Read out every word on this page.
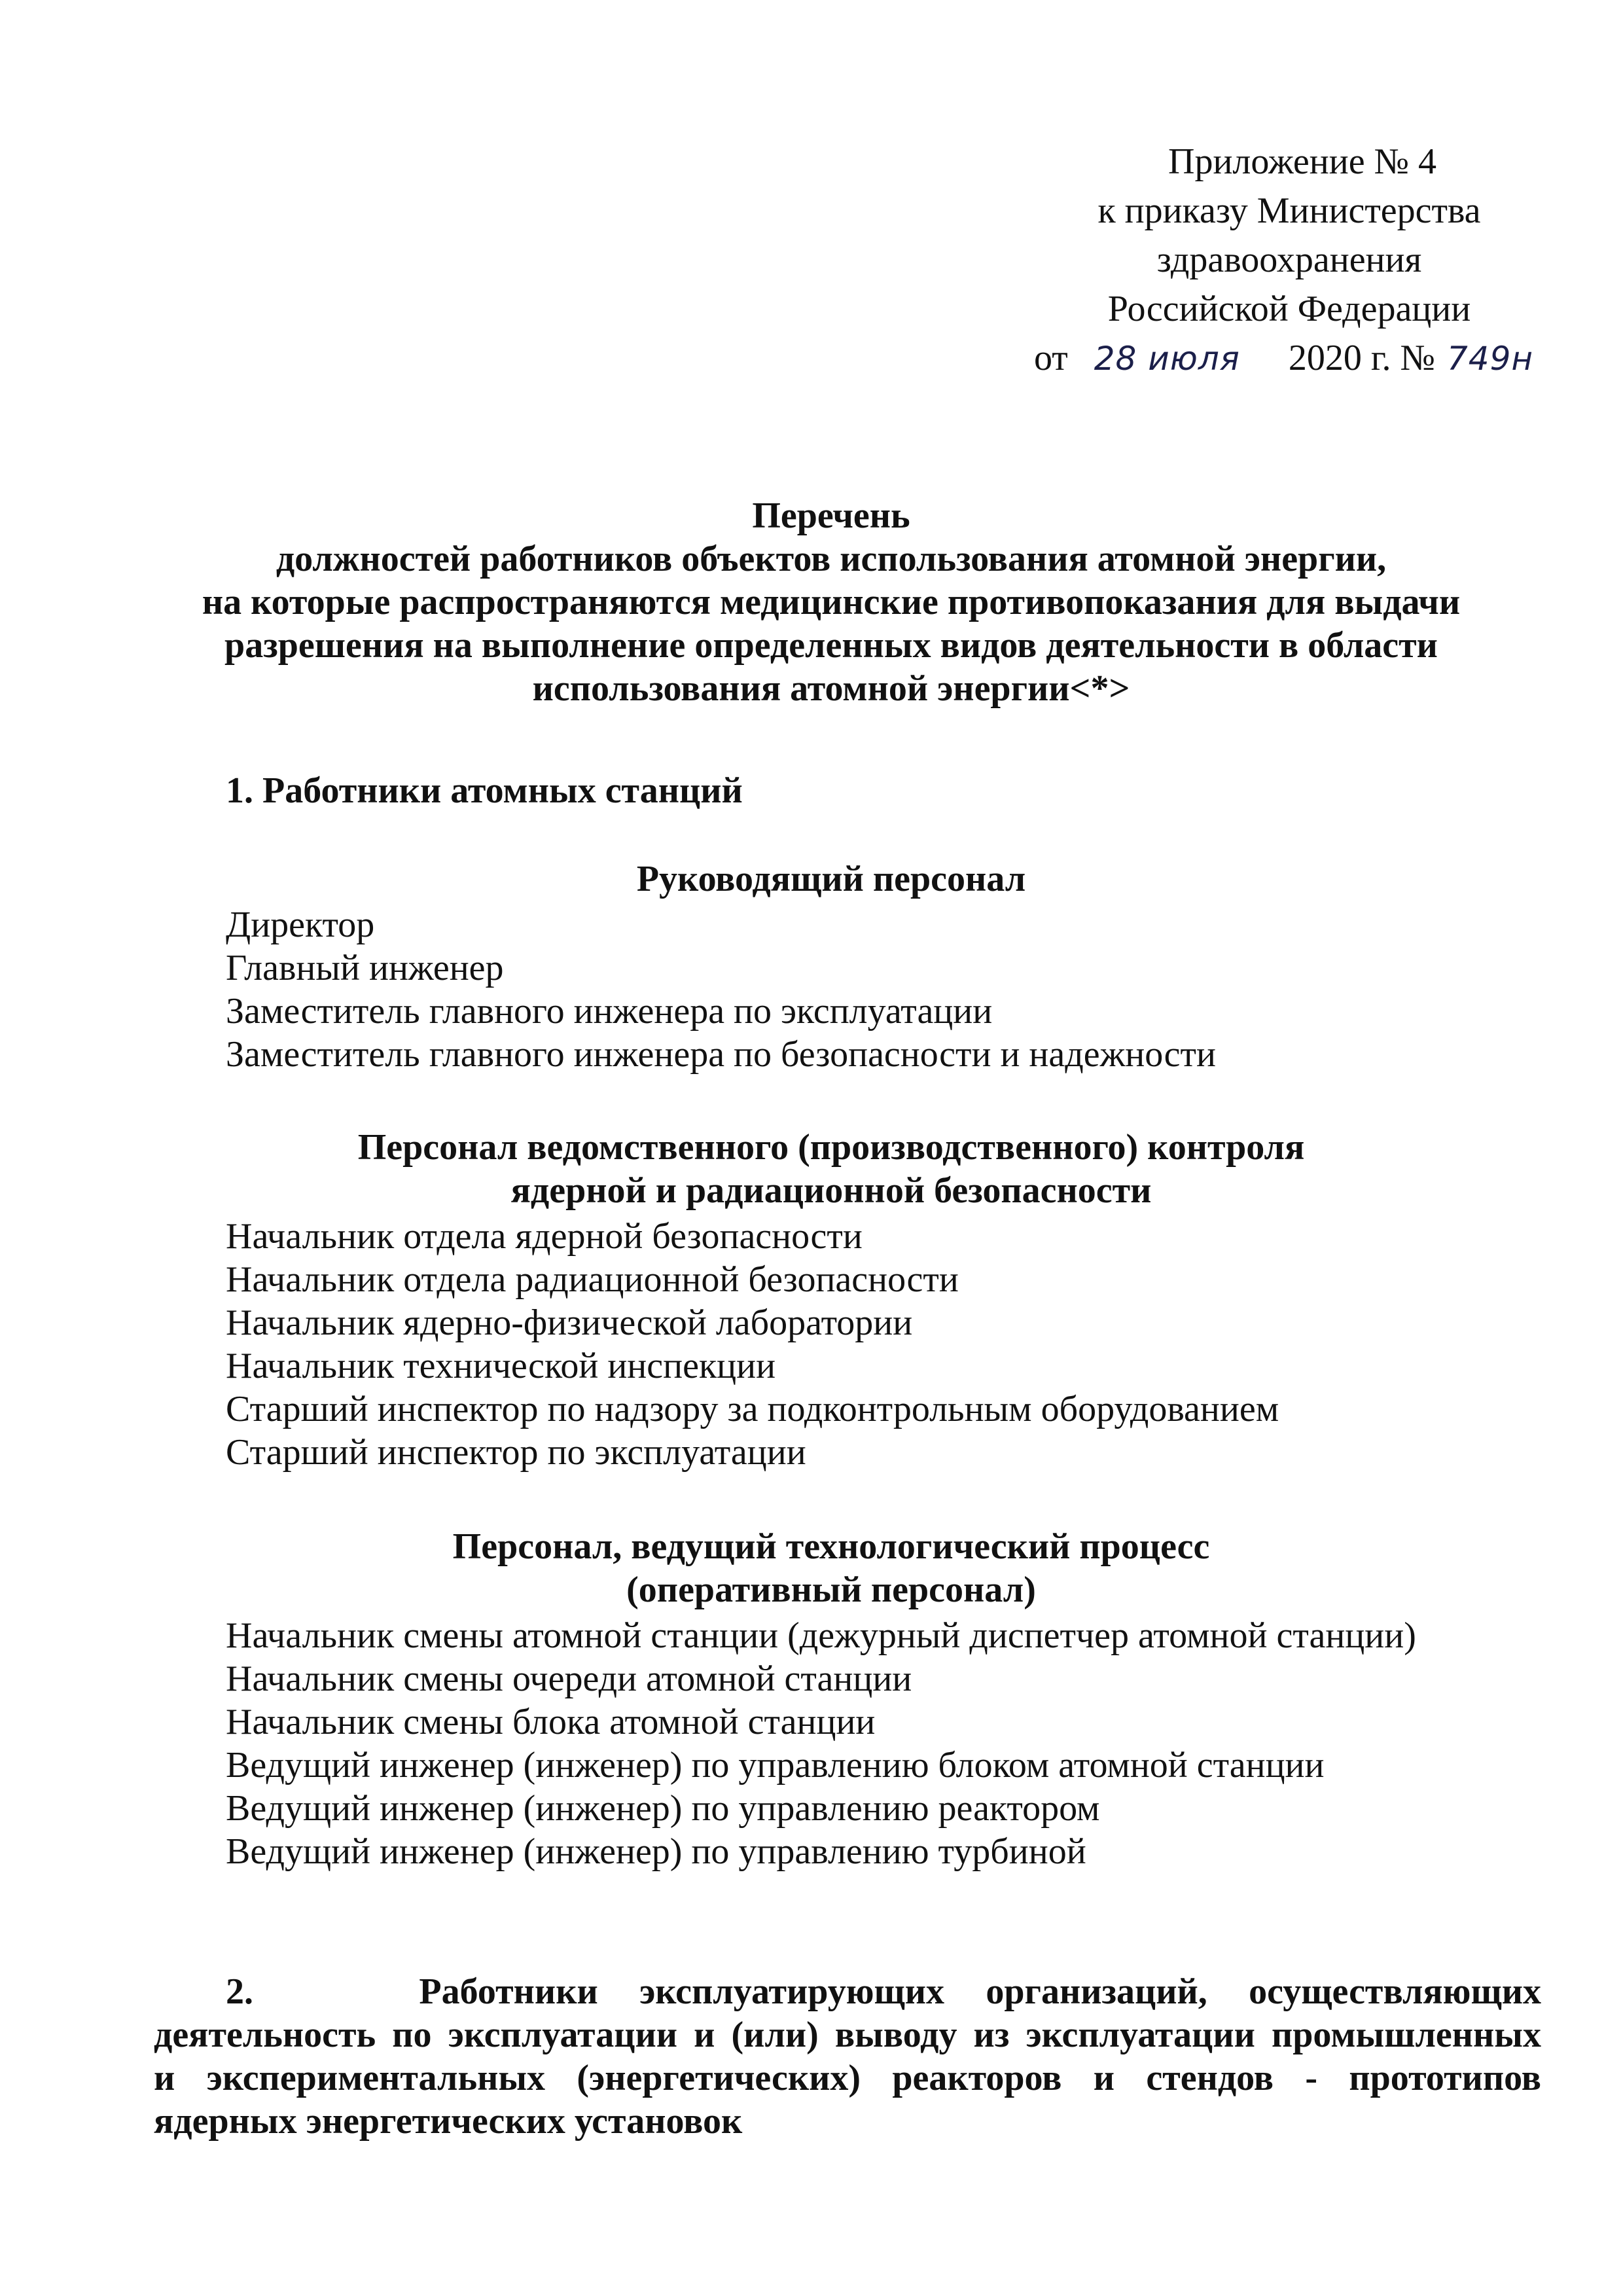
Приложение № 4
к приказу Министерства
здравоохранения
Российской Федерации
от 28 июля 2020 г. № 749н
Перечень
должностей работников объектов использования атомной энергии,
на которые распространяются медицинские противопоказания для выдачи
разрешения на выполнение определенных видов деятельности в области
использования атомной энергии<*>
1. Работники атомных станций
Руководящий персонал
Директор
Главный инженер
Заместитель главного инженера по эксплуатации
Заместитель главного инженера по безопасности и надежности
Персонал ведомственного (производственного) контроля
ядерной и радиационной безопасности
Начальник отдела ядерной безопасности
Начальник отдела радиационной безопасности
Начальник ядерно-физической лаборатории
Начальник технической инспекции
Старший инспектор по надзору за подконтрольным оборудованием
Старший инспектор по эксплуатации
Персонал, ведущий технологический процесс
(оперативный персонал)
Начальник смены атомной станции (дежурный диспетчер атомной станции)
Начальник смены очереди атомной станции
Начальник смены блока атомной станции
Ведущий инженер (инженер) по управлению блоком атомной станции
Ведущий инженер (инженер) по управлению реактором
Ведущий инженер (инженер) по управлению турбиной
2.    Работники эксплуатирующих организаций, осуществляющих
деятельность по эксплуатации и (или) выводу из эксплуатации промышленных
и экспериментальных (энергетических) реакторов и стендов - прототипов
ядерных энергетических установок
